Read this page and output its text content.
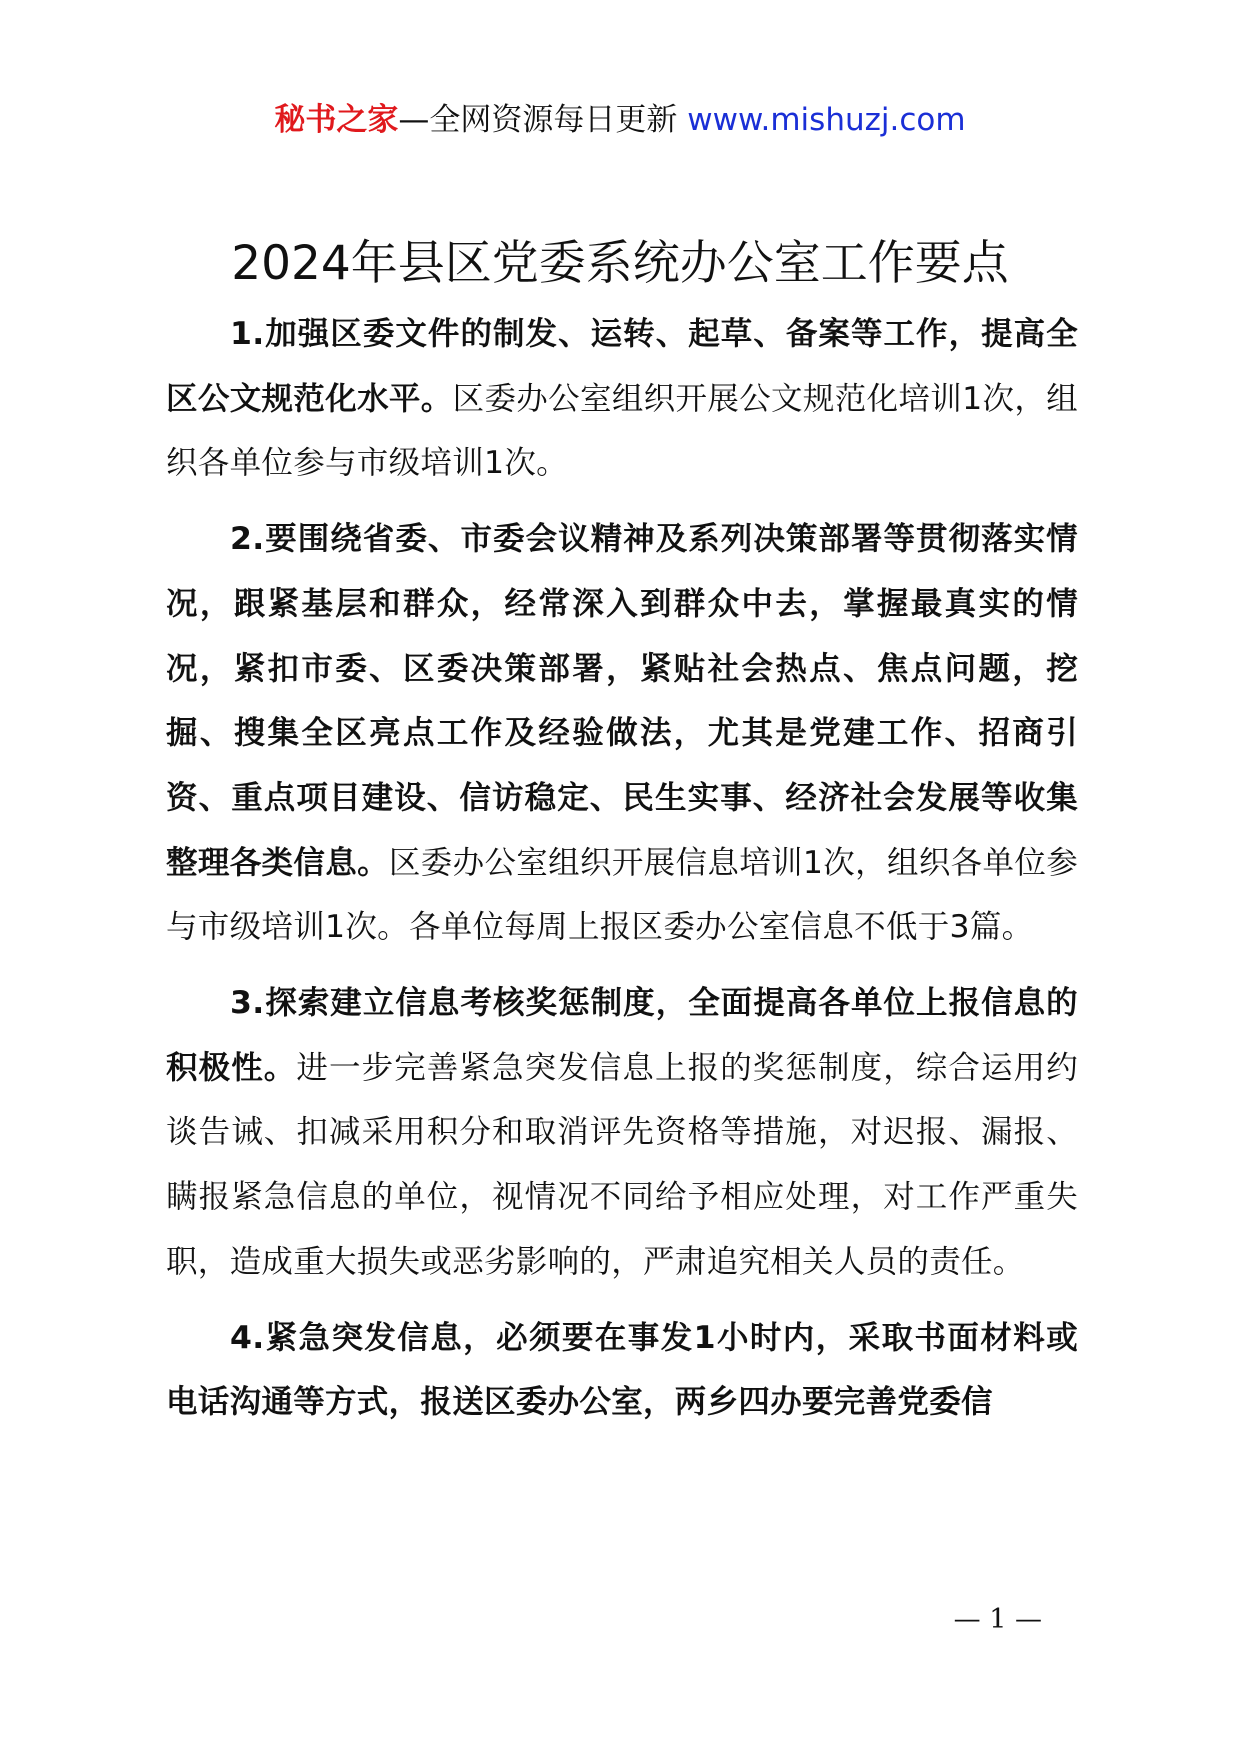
秘书之家—全网资源每日更新 www.mishuzj.com
2024年县区党委系统办公室工作要点

1.加强区委文件的制发、运转、起草、备案等工作，提高全区公文规范化水平。区委办公室组织开展公文规范化培训1次，组织各单位参与市级培训1次。

2.要围绕省委、市委会议精神及系列决策部署等贯彻落实情况，跟紧基层和群众，经常深入到群众中去，掌握最真实的情况，紧扣市委、区委决策部署，紧贴社会热点、焦点问题，挖掘、搜集全区亮点工作及经验做法，尤其是党建工作、招商引资、重点项目建设、信访稳定、民生实事、经济社会发展等收集整理各类信息。区委办公室组织开展信息培训1次，组织各单位参与市级培训1次。各单位每周上报区委办公室信息不低于3篇。

3.探索建立信息考核奖惩制度，全面提高各单位上报信息的积极性。进一步完善紧急突发信息上报的奖惩制度，综合运用约谈告诫、扣减采用积分和取消评先资格等措施，对迟报、漏报、瞒报紧急信息的单位，视情况不同给予相应处理，对工作严重失职，造成重大损失或恶劣影响的，严肃追究相关人员的责任。

4.紧急突发信息，必须要在事发1小时内，采取书面材料或电话沟通等方式，报送区委办公室，两乡四办要完善党委信

— 1 —
